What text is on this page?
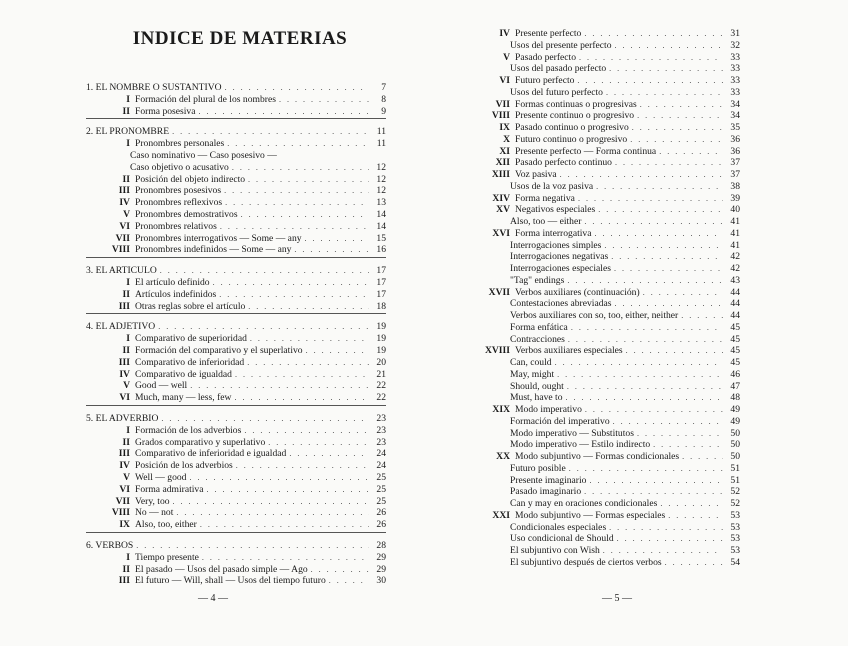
INDICE DE MATERIAS
1. EL NOMBRE O SUSTANTIVO . . .	7
I Formación del plural de los nombres . . .	8
II Forma posesiva . . .	9
2. EL PRONOMBRE . . .	11
I Pronombres personales . . .	11
Caso nominativo — Caso posesivo —
Caso objetivo o acusativo . . .	12
II Posición del objeto indirecto . . .	12
III Pronombres posesivos . . .	12
IV Pronombres reflexivos . . .	13
V Pronombres demostrativos . . .	14
VI Pronombres relativos . . .	14
VII Pronombres interrogativos — Some — any . . .	15
VIII Pronombres indefinidos — Some — any . . .	16
3. EL ARTICULO . . .	17
I El artículo definido . . .	17
II Artículos indefinidos . . .	17
III Otras reglas sobre el artículo . . .	18
4. EL ADJETIVO . . .	19
I Comparativo de superioridad . . .	19
II Formación del comparativo y el superlativo . . .	19
III Comparativo de inferioridad . . .	20
IV Comparativo de igualdad . . .	21
V Good — well . . .	22
VI Much, many — less, few . . .	22
5. EL ADVERBIO . . .	23
I Formación de los adverbios . . .	23
II Grados comparativo y superlativo . . .	23
III Comparativo de inferioridad e igualdad . . .	24
IV Posición de los adverbios . . .	24
V Well — good . . .	25
VI Forma admirativa . . .	25
VII Very, too . . .	25
VIII No — not . . .	26
IX Also, too, either . . .	26
6. VERBOS . . .	28
I Tiempo presente . . .	29
II El pasado — Usos del pasado simple — Ago . . .	29
III El futuro — Will, shall — Usos del tiempo futuro . . .	30
— 4 —
IV Presente perfecto . . .	31
Usos del presente perfecto . . .	32
V Pasado perfecto . . .	33
Usos del pasado perfecto . . .	33
VI Futuro perfecto . . .	33
Usos del futuro perfecto . . .	33
VII Formas continuas o progresivas . . .	34
VIII Presente continuo o progresivo . . .	34
IX Pasado continuo o progresivo . . .	35
X Futuro continuo o progresivo . . .	36
XI Presente perfecto — Forma continua . . .	36
XII Pasado perfecto continuo . . .	37
XIII Voz pasiva . . .	37
Usos de la voz pasiva . . .	38
XIV Forma negativa . . .	39
XV Negativos especiales . . .	40
Also, too — either . . .	41
XVI Forma interrogativa . . .	41
Interrogaciones simples . . .	41
Interrogaciones negativas . . .	42
Interrogaciones especiales . . .	42
"Tag" endings . . .	43
XVII Verbos auxiliares (continuación) . . .	44
Contestaciones abreviadas . . .	44
Verbos auxiliares con so, too, either, neither . . .	44
Forma enfática . . .	45
Contracciones . . .	45
XVIII Verbos auxiliares especiales . . .	45
Can, could . . .	45
May, might . . .	46
Should, ought . . .	47
Must, have to . . .	48
XIX Modo imperativo . . .	49
Formación del imperativo . . .	49
Modo imperativo — Substitutos . . .	50
Modo imperativo — Estilo indirecto . . .	50
XX Modo subjuntivo — Formas condicionales . . .	50
Futuro posible . . .	51
Presente imaginario . . .	51
Pasado imaginario . . .	52
Can y may en oraciones condicionales . . .	52
XXI Modo subjuntivo — Formas especiales . . .	53
Condicionales especiales . . .	53
Uso condicional de Should . . .	53
El subjuntivo con Wish . . .	53
El subjuntivo después de ciertos verbos . . .	54
— 5 —
